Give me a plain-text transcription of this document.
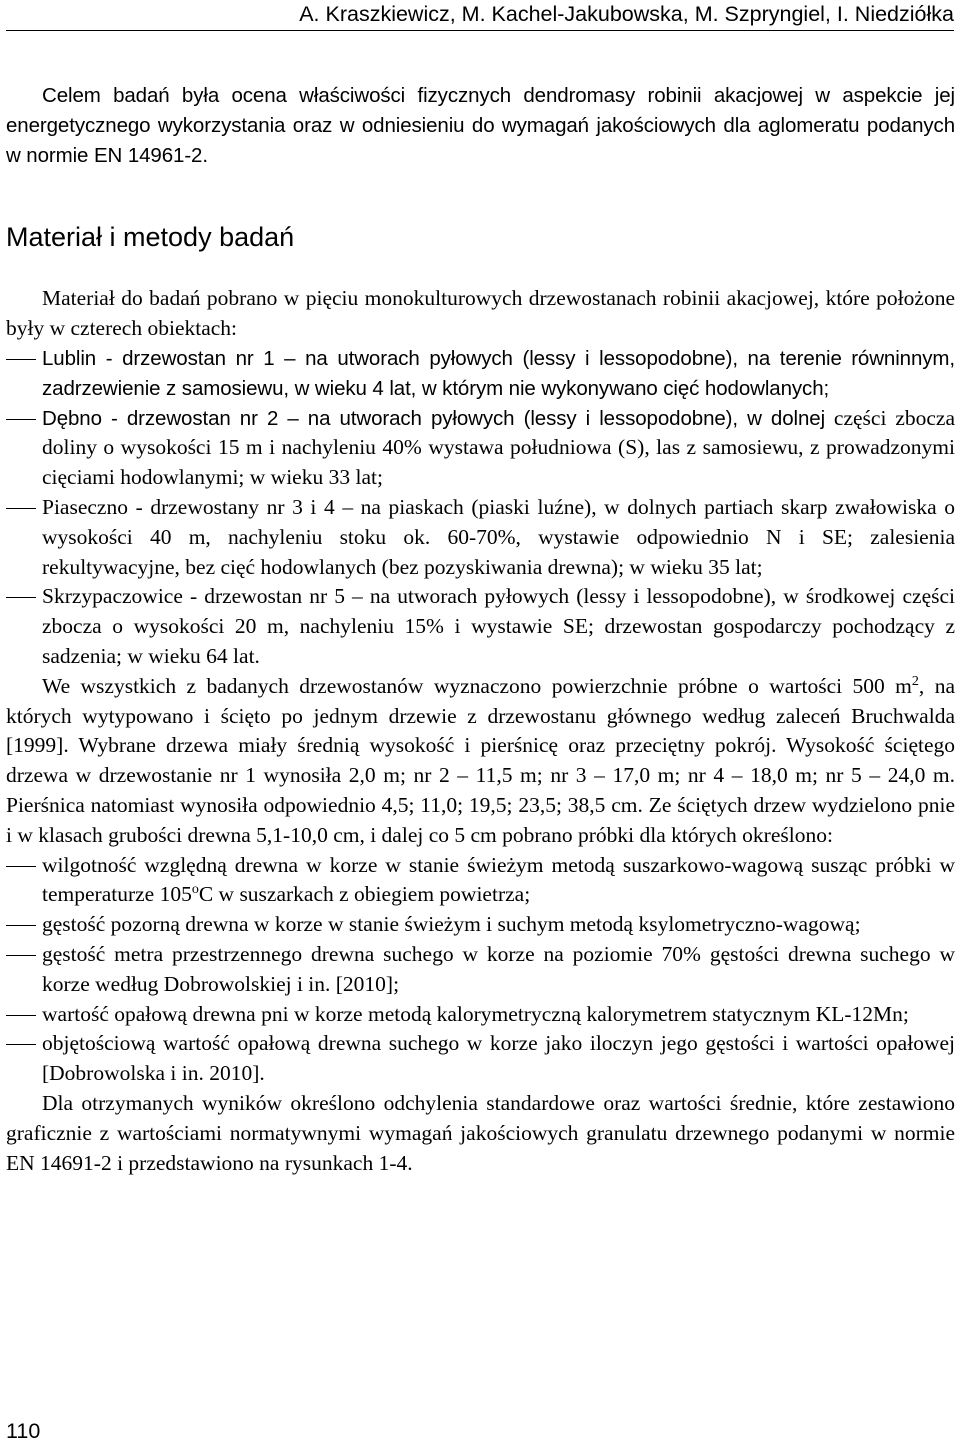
A. Kraszkiewicz, M. Kachel-Jakubowska, M. Szpryngiel, I. Niedziółka

Celem badań była ocena właściwości fizycznych dendromasy robinii akacjowej w aspekcie jej energetycznego wykorzystania oraz w odniesieniu do wymagań jakościowych dla aglomeratu podanych w normie EN 14961-2.

Materiał i metody badań

Materiał do badań pobrano w pięciu monokulturowych drzewostanach robinii akacjowej, które położone były w czterech obiektach:

Lublin - drzewostan nr 1 – na utworach pyłowych (lessy i lessopodobne), na terenie równinnym, zadrzewienie z samosiewu, w wieku 4 lat, w którym nie wykonywano cięć hodowlanych;
Dębno - drzewostan nr 2 – na utworach pyłowych (lessy i lessopodobne), w dolnej części zbocza doliny o wysokości 15 m i nachyleniu 40% wystawa południowa (S), las z samosiewu, z prowadzonymi cięciami hodowlanymi; w wieku 33 lat;
Piaseczno - drzewostany nr 3 i 4 – na piaskach (piaski luźne), w dolnych partiach skarp zwałowiska o wysokości 40 m, nachyleniu stoku ok. 60-70%, wystawie odpowiednio N i SE; zalesienia rekultywacyjne, bez cięć hodowlanych (bez pozyskiwania drewna); w wieku 35 lat;
Skrzypaczowice - drzewostan nr 5 – na utworach pyłowych (lessy i lessopodobne), w środkowej części zbocza o wysokości 20 m, nachyleniu 15% i wystawie SE; drzewostan gospodarczy pochodzący z sadzenia; w wieku 64 lat.

We wszystkich z badanych drzewostanów wyznaczono powierzchnie próbne o wartości 500 $m^2$, na których wytypowano i ścięto po jednym drzewie z drzewostanu głównego według zaleceń Bruchwalda [1999]. Wybrane drzewa miały średnią wysokość i pierśnicę oraz przeciętny pokrój. Wysokość ściętego drzewa w drzewostanie nr 1 wynosiła 2,0 m; nr 2 – 11,5 m; nr 3 – 17,0 m; nr 4 – 18,0 m; nr 5 – 24,0 m. Pierśnica natomiast wynosiła odpowiednio 4,5; 11,0; 19,5; 23,5; 38,5 cm. Ze ściętych drzew wydzielono pnie i w klasach grubości drewna 5,1-10,0 cm, i dalej co 5 cm pobrano próbki dla których określono:

wilgotność względną drewna w korze w stanie świeżym metodą suszarkowo-wagową susząc próbki w temperaturze 105$^o$C w suszarkach z obiegiem powietrza;
gęstość pozorną drewna w korze w stanie świeżym i suchym metodą ksylometryczno-wagową;
gęstość metra przestrzennego drewna suchego w korze na poziomie 70% gęstości drewna suchego w korze według Dobrowolskiej i in. [2010];
wartość opałową drewna pni w korze metodą kalorymetryczną kalorymetrem statycznym KL-12Mn;
objętościową wartość opałową drewna suchego w korze jako iloczyn jego gęstości i wartości opałowej [Dobrowolska i in. 2010].

Dla otrzymanych wyników określono odchylenia standardowe oraz wartości średnie, które zestawiono graficznie z wartościami normatywnymi wymagań jakościowych granulatu drzewnego podanymi w normie EN 14691-2 i przedstawiono na rysunkach 1-4.

110
